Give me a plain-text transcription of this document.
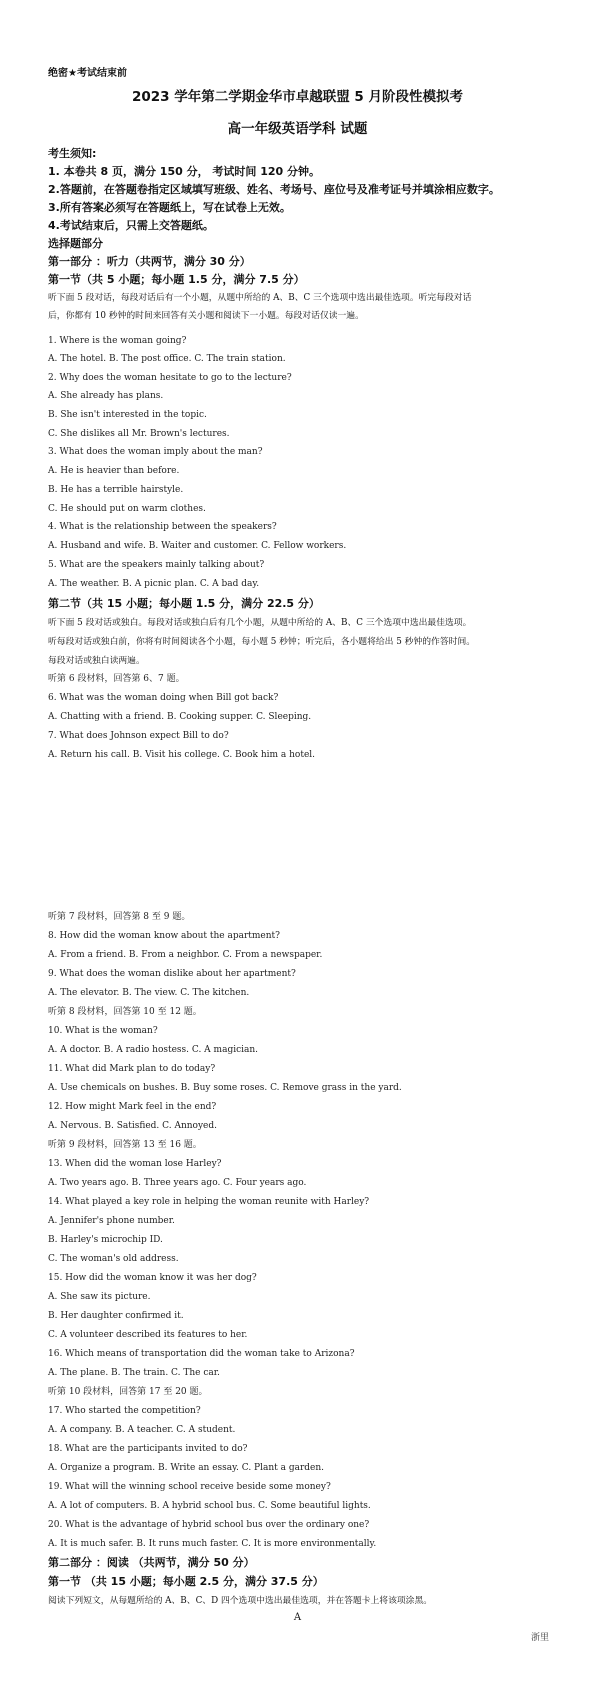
绝密★考试结束前
2023 学年第二学期金华市卓越联盟 5 月阶段性模拟考
高一年级英语学科 试题
考生须知:
1. 本卷共 8 页，满分 150 分， 考试时间 120 分钟。
2.答题前，在答题卷指定区域填写班级、姓名、考场号、座位号及准考证号并填涂相应数字。
3.所有答案必须写在答题纸上，写在试卷上无效。
4.考试结束后，只需上交答题纸。
选择题部分
第一部分 ：听力（共两节，满分 30 分）
第一节（共 5 小题；每小题 1.5 分，满分 7.5 分）
听下面 5 段对话，每段对话后有一个小题，从题中所给的 A、B、C 三个选项中选出最佳选项。听完每段对话
后，你都有 10 秒钟的时间来回答有关小题和阅读下一小题。每段对话仅读一遍。
1. Where is the woman going?
A. The hotel. B. The post office. C. The train station.
2. Why does the woman hesitate to go to the lecture?
A. She already has plans.
B. She isn't interested in the topic.
C. She dislikes all Mr. Brown's lectures.
3. What does the woman imply about the man?
A. He is heavier than before.
B. He has a terrible hairstyle.
C. He should put on warm clothes.
4. What is the relationship between the speakers?
A. Husband and wife. B. Waiter and customer. C. Fellow workers.
5. What are the speakers mainly talking about?
A. The weather. B. A picnic plan. C. A bad day.
第二节（共 15 小题；每小题 1.5 分，满分 22.5 分）
听下面 5 段对话或独白。每段对话或独白后有几个小题，从题中所给的 A、B、C 三个选项中选出最佳选项。
听每段对话或独白前，你将有时间阅读各个小题，每小题 5 秒钟；听完后，各小题将给出 5 秒钟的作答时间。
每段对话或独白读两遍。
听第 6 段材料，回答第 6、7 题。
6. What was the woman doing when Bill got back?
A. Chatting with a friend. B. Cooking supper. C. Sleeping.
7. What does Johnson expect Bill to do?
A. Return his call. B. Visit his college. C. Book him a hotel.
听第 7 段材料，回答第 8 至 9 题。
8. How did the woman know about the apartment?
A. From a friend. B. From a neighbor. C. From a newspaper.
9. What does the woman dislike about her apartment?
A. The elevator. B. The view. C. The kitchen.
听第 8 段材料，回答第 10 至 12 题。
10. What is the woman?
A. A doctor. B. A radio hostess. C. A magician.
11. What did Mark plan to do today?
A. Use chemicals on bushes. B. Buy some roses. C. Remove grass in the yard.
12. How might Mark feel in the end?
A. Nervous. B. Satisfied. C. Annoyed.
听第 9 段材料，回答第 13 至 16 题。
13. When did the woman lose Harley?
A. Two years ago. B. Three years ago. C. Four years ago.
14. What played a key role in helping the woman reunite with Harley?
A. Jennifer's phone number.
B. Harley's microchip ID.
C. The woman's old address.
15. How did the woman know it was her dog?
A. She saw its picture.
B. Her daughter confirmed it.
C. A volunteer described its features to her.
16. Which means of transportation did the woman take to Arizona?
A. The plane. B. The train. C. The car.
听第 10 段材料，回答第 17 至 20 题。
17. Who started the competition?
A. A company. B. A teacher. C. A student.
18. What are the participants invited to do?
A. Organize a program. B. Write an essay. C. Plant a garden.
19. What will the winning school receive beside some money?
A. A lot of computers. B. A hybrid school bus. C. Some beautiful lights.
20. What is the advantage of hybrid school bus over the ordinary one?
A. It is much safer. B. It runs much faster. C. It is more environmentally.
第二部分 ：阅读 （共两节，满分 50 分）
第一节 （共 15 小题；每小题 2.5 分，满分 37.5 分）
阅读下列短文，从每题所给的 A、B、C、D 四个选项中选出最佳选项，并在答题卡上将该项涂黑。
A
浙里
